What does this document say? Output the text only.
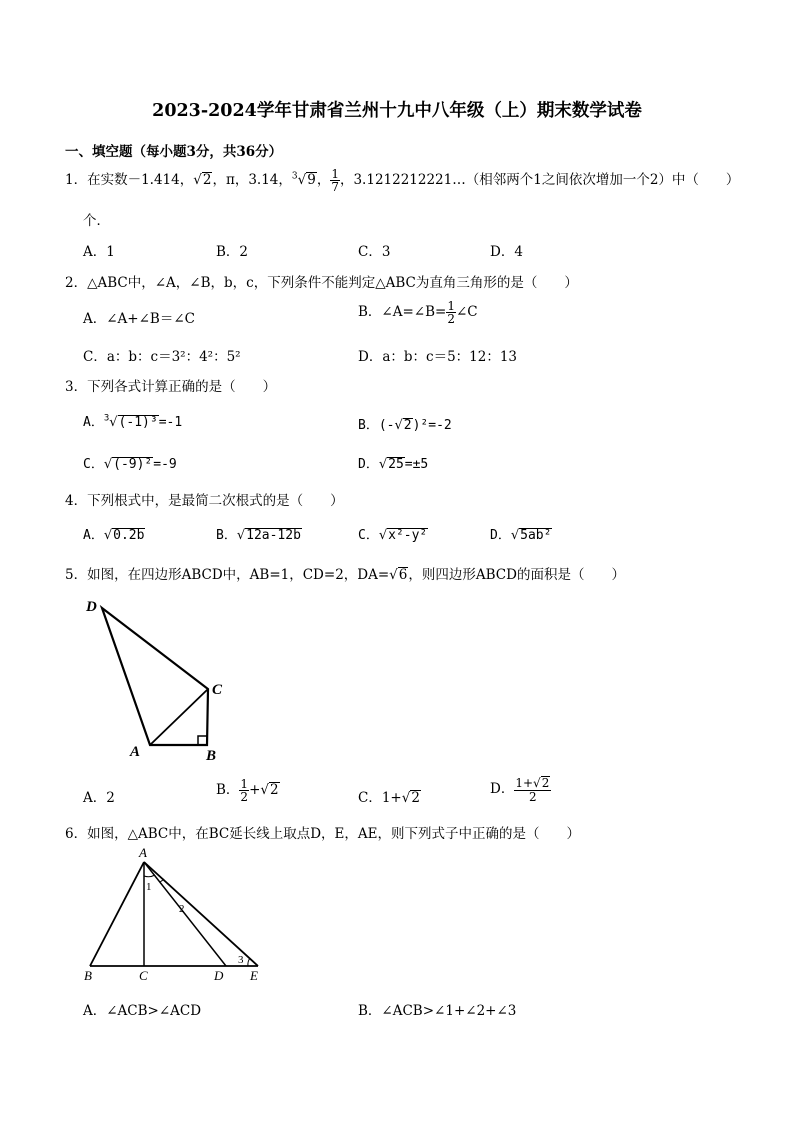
2023-2024学年甘肃省兰州十九中八年级（上）期末数学试卷
一、填空题（每小题3分，共36分）
1．在实数－1.414，√2，π，3.14，$^3$√9， $\frac{1}{7}$ ，3.1212212221…（相邻两个1之间依次增加一个2）中（　　）
个．
A．1	B．2	C．3	D．4
2．△ABC中，∠A，∠B，b，c，下列条件不能判定△ABC为直角三角形的是（　　）
A．∠A+∠B＝∠C	B．∠A=∠B= $\frac{1}{2}$ ∠C
C．a：b：c＝3²：4²：5²	D．a：b：c＝5：12：13
3．下列各式计算正确的是（　　）
A．$^3$√(-1)³=-1	B．(-√2)²=-2
C．√(-9)²=-9	D．√25=±5
4．下列根式中，是最简二次根式的是（　　）
A．√0.2b	B．√12a-12b	C．√x²-y²	D．√5ab²
5．如图，在四边形ABCD中，AB=1，CD=2，DA=√6，则四边形ABCD的面积是（　　）
D
C
A	B
A．2	B． $\frac{1}{2} +√2$	C．1+√2
D． $\frac{1+√2}{2}$
6．如图，△ABC中，在BC延长线上取点D，E，AE，则下列式子中正确的是（　　）
A
B	C	D E
1
2
3
A．∠ACB>∠ACD	B．∠ACB>∠1+∠2+∠3
